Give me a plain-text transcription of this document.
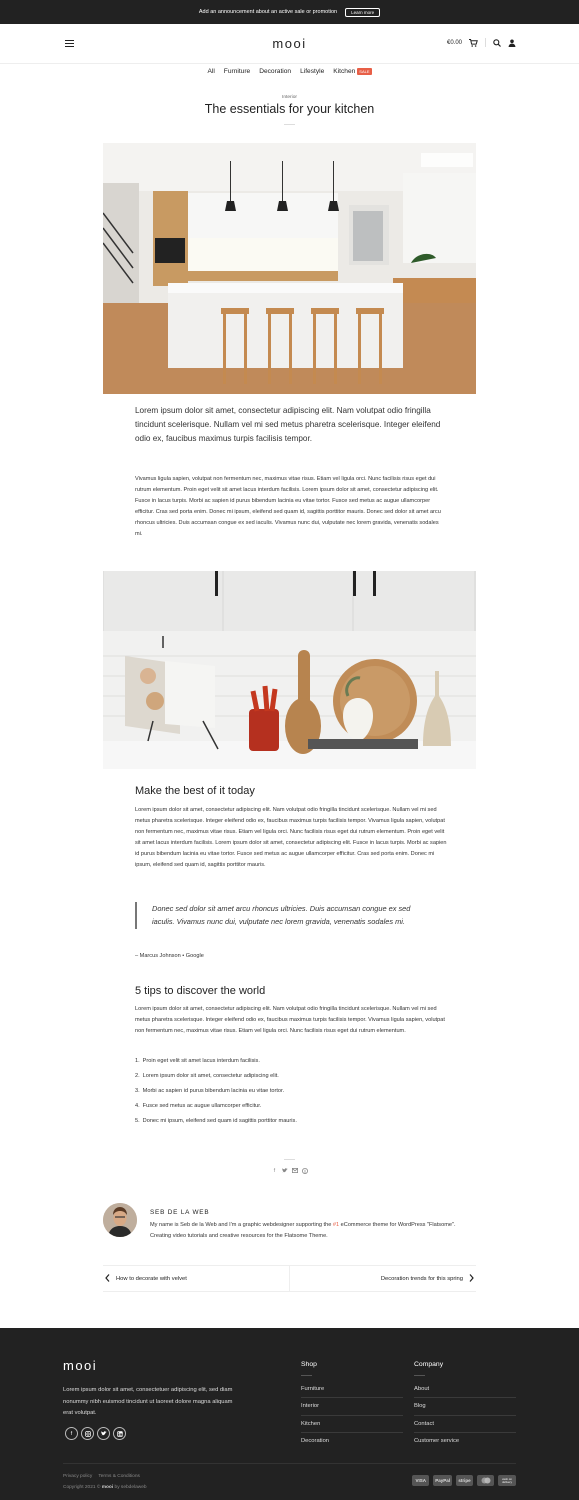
Add an announcement about an active sale or promotion	Learn more
mooi	€0.00
All Furniture Decoration Lifestyle Kitchen	SALE
Interior
The essentials for your kitchen
Lorem ipsum dolor sit amet, consectetur adipiscing elit. Nam volutpat odio fringilla tincidunt scelerisque. Nullam vel mi sed metus pharetra scelerisque. Integer eleifend odio ex, faucibus maximus turpis facilisis tempor.
Vivamus ligula sapien, volutpat non fermentum nec, maximus vitae risus. Etiam vel ligula orci. Nunc facilisis risus eget dui rutrum elementum. Proin eget velit sit amet lacus interdum facilisis. Lorem ipsum dolor sit amet, consectetur adipiscing elit. Fusce in lacus turpis. Morbi ac sapien id purus bibendum lacinia eu vitae tortor. Fusce sed metus ac augue ullamcorper efficitur. Cras sed porta enim. Donec mi ipsum, eleifend sed quam id, sagittis porttitor mauris. Donec sed dolor sit amet arcu rhoncus ultricies. Duis accumsan congue ex sed iaculis. Vivamus nunc dui, vulputate nec lorem gravida, venenatis sodales mi.
Make the best of it today
Lorem ipsum dolor sit amet, consectetur adipiscing elit. Nam volutpat odio fringilla tincidunt scelerisque. Nullam vel mi sed metus pharetra scelerisque. Integer eleifend odio ex, faucibus maximus turpis facilisis tempor. Vivamus ligula sapien, volutpat non fermentum nec, maximus vitae risus. Etiam vel ligula orci. Nunc facilisis risus eget dui rutrum elementum. Proin eget velit sit amet lacus interdum facilisis. Lorem ipsum dolor sit amet, consectetur adipiscing elit. Fusce in lacus turpis. Morbi ac sapien id purus bibendum lacinia eu vitae tortor. Fusce sed metus ac augue ullamcorper efficitur. Cras sed porta enim. Donec mi ipsum, eleifend sed quam id, sagittis porttitor mauris.
Donec sed dolor sit amet arcu rhoncus ultricies. Duis accumsan congue ex sed iaculis. Vivamus nunc dui, vulputate nec lorem gravida, venenatis sodales mi.
– Marcus Johnson • Google
5 tips to discover the world
Lorem ipsum dolor sit amet, consectetur adipiscing elit. Nam volutpat odio fringilla tincidunt scelerisque. Nullam vel mi sed metus pharetra scelerisque. Integer eleifend odio ex, faucibus maximus turpis facilisis tempor. Vivamus ligula sapien, volutpat non fermentum nec, maximus vitae risus. Etiam vel ligula orci. Nunc facilisis risus eget dui rutrum elementum.
1. Proin eget velit sit amet lacus interdum facilisis.
2. Lorem ipsum dolor sit amet, consectetur adipiscing elit.
3. Morbi ac sapien id purus bibendum lacinia eu vitae tortor.
4. Fusce sed metus ac augue ullamcorper efficitur.
5. Donec mi ipsum, eleifend sed quam id sagittis porttitor mauris.
f
SEB DE LA WEB
My name is Seb de la Web and I'm a graphic webdesigner supporting the #1 eCommerce theme for WordPress "Flatsome". Creating video tutorials and creative resources for the Flatsome Theme.
How to decorate with velvet	Decoration trends for this spring
mooi
Lorem ipsum dolor sit amet, consectetuer adipiscing elit, sed diam nonummy nibh euismod tincidunt ut laoreet dolore magna aliquam erat volutpat.
f
Shop
Furniture
Interior
Kitchen
Decoration
Company
About
Blog
Contact
Customer service
Privacy policy Terms & Conditions
Copyright 2021 © mooi by sebdelaweb
VISA	PayPal	stripe	cash on
delivery
